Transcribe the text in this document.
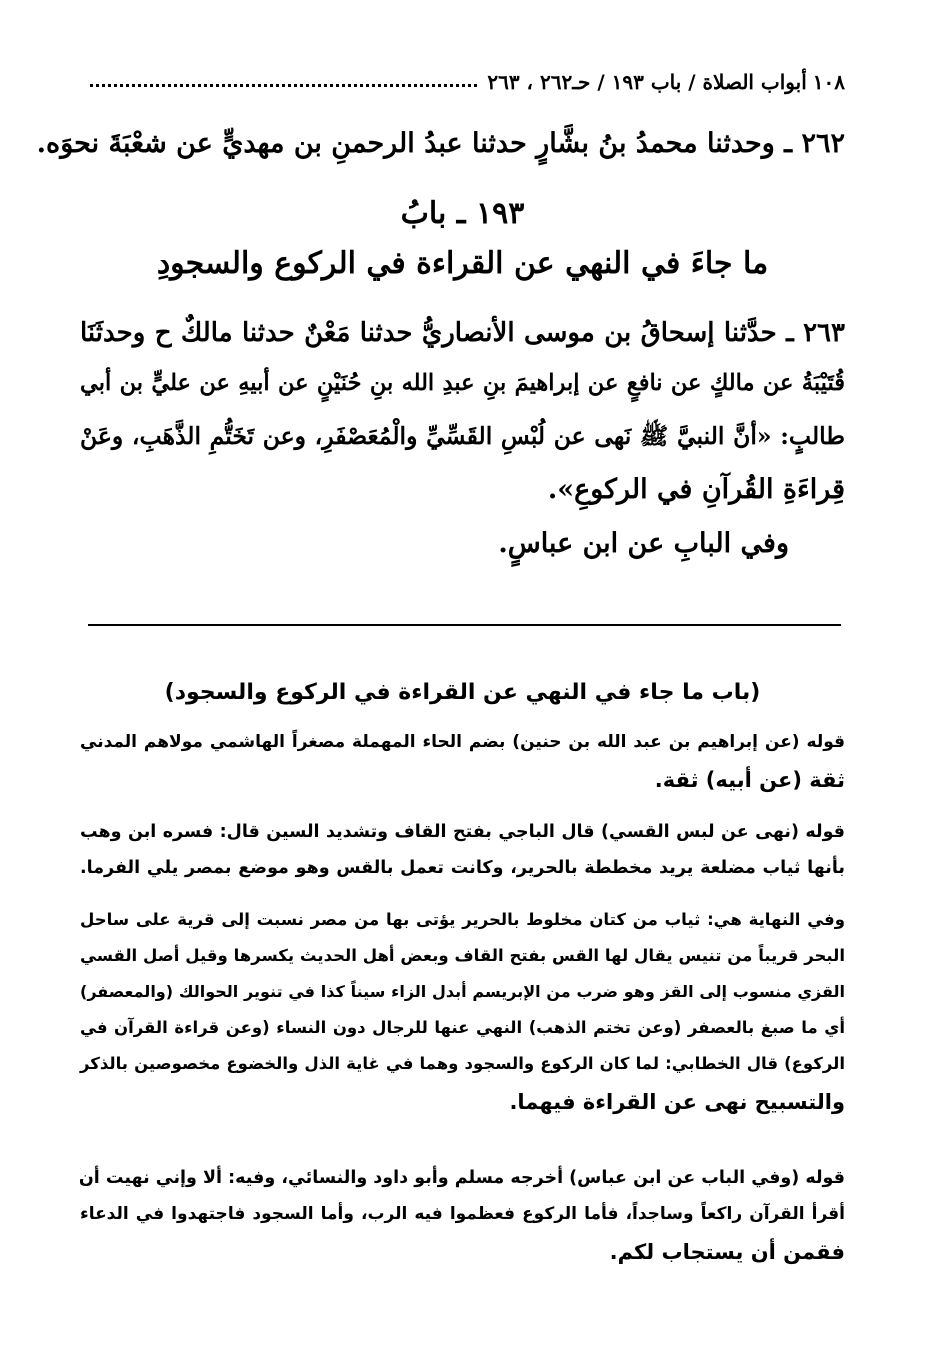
١٠٨
أبواب الصلاة / باب ١٩٣ / حـ٢٦٢ ، ٢٦٣
٢٦٢ ـ وحدثنا محمدُ بنُ بشَّارٍ حدثنا عبدُ الرحمنِ بن مهديٍّ عن شعْبَةَ نحوَه.
١٩٣ ـ بابُ
ما جاءَ في النهي عن القراءة في الركوع والسجودِ
٢٦٣ ـ حدَّثنا إسحاقُ بن موسى الأنصاريُّ حدثنا مَعْنٌ حدثنا مالكٌ ح وحدثَنَا
قُتَيْبَةُ عن مالكٍ عن نافعٍ عن إبراهيمَ بنِ عبدِ الله بنِ حُنَيْنٍ عن أبيهِ عن عليٍّ بن أبي
طالبٍ: «أنَّ النبيَّ ﷺ نَهى عن لُبْسِ القَسِّيِّ والْمُعَصْفَرِ، وعن تَخَتُّمِ الذَّهَبِ، وعَنْ
قِراءَةِ القُرآنِ في الركوعِ».
وفي البابِ عن ابن عباسٍ.
(باب ما جاء في النهي عن القراءة في الركوع والسجود)
قوله (عن إبراهيم بن عبد الله بن حنين) بضم الحاء المهملة مصغراً الهاشمي مولاهم المدني
ثقة (عن أبيه) ثقة.
قوله (نهى عن لبس القسي) قال الباجي بفتح القاف وتشديد السين قال: فسره ابن وهب
بأنها ثياب مضلعة يريد مخططة بالحرير، وكانت تعمل بالقس وهو موضع بمصر يلي الفرما.
وفي النهاية هي: ثياب من كتان مخلوط بالحرير يؤتى بها من مصر نسبت إلى قرية على ساحل
البحر قريباً من تنيس يقال لها القس بفتح القاف وبعض أهل الحديث يكسرها وقيل أصل القسي
القزي منسوب إلى القز وهو ضرب من الإبريسم أبدل الزاء سيناً كذا في تنوير الحوالك (والمعصفر)
أي ما صبغ بالعصفر (وعن تختم الذهب) النهي عنها للرجال دون النساء (وعن قراءة القرآن في
الركوع) قال الخطابي: لما كان الركوع والسجود وهما في غاية الذل والخضوع مخصوصين بالذكر
والتسبيح نهى عن القراءة فيهما.
قوله (وفي الباب عن ابن عباس) أخرجه مسلم وأبو داود والنسائي، وفيه: ألا وإني نهيت أن
أقرأ القرآن راكعاً وساجداً، فأما الركوع فعظموا فيه الرب، وأما السجود فاجتهدوا في الدعاء
فقمن أن يستجاب لكم.
